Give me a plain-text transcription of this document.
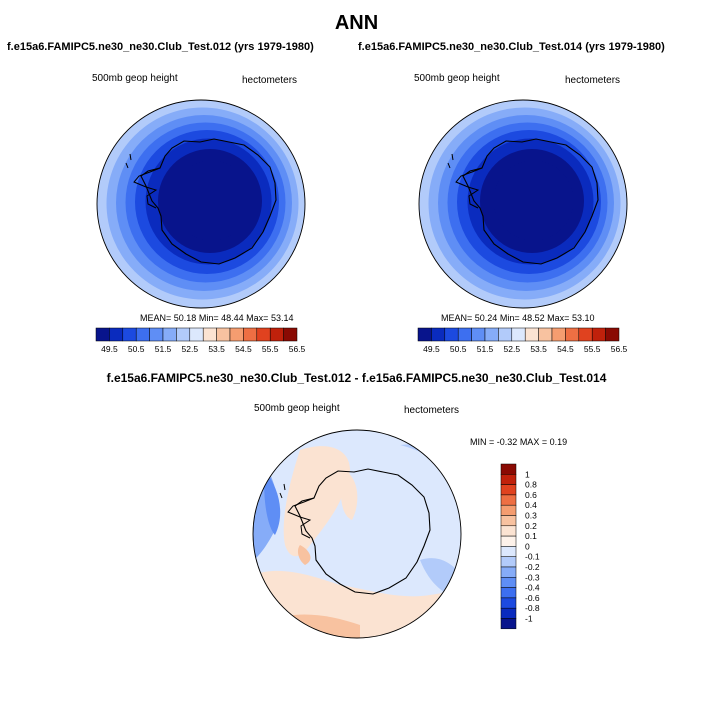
ANN
f.e15a6.FAMIPC5.ne30_ne30.Club_Test.012 (yrs 1979-1980)	f.e15a6.FAMIPC5.ne30_ne30.Club_Test.014 (yrs 1979-1980)
500mb geop height	hectometers	500mb geop height	hectometers
MEAN= 50.18 Min= 48.44 Max= 53.14	MEAN= 50.24 Min= 48.52 Max= 53.10
49.5 50.5 51.5 52.5 53.5 54.5 55.5 56.5	49.5 50.5 51.5 52.5 53.5 54.5 55.5 56.5
f.e15a6.FAMIPC5.ne30_ne30.Club_Test.012 - f.e15a6.FAMIPC5.ne30_ne30.Club_Test.014
500mb geop height	hectometers
MIN = -0.32 MAX = 0.19
1
0.8
0.6
0.4
0.3
0.2
0.1
0
-0.1
-0.2
-0.3
-0.4
-0.6
-0.8
-1
